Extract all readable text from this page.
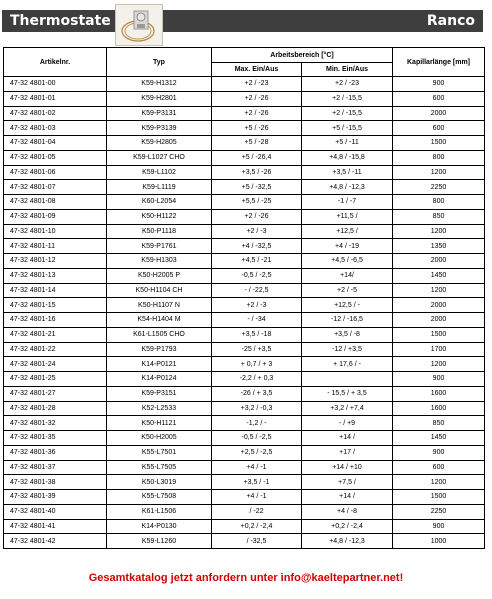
Thermostate	Ranco
Artikelnr.	Typ	Arbeitsbereich [°C]		Kapillarlänge [mm]
		Max. Ein/Aus	Min. Ein/Aus	
47-32 4801-00	K59-H1312	+2 / -23	+2 / -23	900
47-32 4801-01	K59-H2801	+2 / -26	+2 / -15,5	600
47-32 4801-02	K59-P3131	+2 / -26	+2 / -15,5	2000
47-32 4801-03	K59-P3139	+5 / -26	+5 / -15,5	600
47-32 4801-04	K59-H2805	+5 / -28	+5 / -11	1500
47-32 4801-05	K59-L1027 CHO	+5 / -26,4	+4,8 / -15,8	800
47-32 4801-06	K59-L1102	+3,5 / -26	+3,5 / -11	1200
47-32 4801-07	K59-L1119	+5 / -32,5	+4,8 / -12,3	2250
47-32 4801-08	K60-L2054	+5,5 / -25	-1 / -7	800
47-32 4801-09	K50-H1122	+2 / -26	+11,5 /	850
47-32 4801-10	K50-P1118	+2 / -3	+12,5 /	1200
47-32 4801-11	K59-P1761	+4 / -32,5	+4 / -19	1350
47-32 4801-12	K59-H1303	+4,5 / -21	+4,5 / -6,5	2000
47-32 4801-13	K50-H2005 P	-0,5 / -2,5	+14/	1450
47-32 4801-14	K50-H1104 CH	- / -22,5	+2 / -5	1200
47-32 4801-15	K50-H1107 N	+2 / -3	+12,5 / -	2000
47-32 4801-16	K54-H1404 M	- / -34	-12 / -16,5	2000
47-32 4801-21	K61-L1505 CHO	+3,5 / -18	+3,5 / -8	1500
47-32 4801-22	K59-P1793	-25 / +3,5	-12 / +3,5	1700
47-32 4801-24	K14-P0121	+ 0,7 / + 3	+ 17,6 / -	1200
47-32 4801-25	K14-P0124	-2,2 / + 0,3		900
47-32 4801-27	K59-P3151	-26 / + 3,5	- 15,5 / + 3,5	1600
47-32 4801-28	K52-L2533	+3,2 / -0,3	+3,2 / +7,4	1600
47-32 4801-32	K50-H1121	-1,2 / -	- / +9	850
47-32 4801-35	K50-H2005	-0,5 / -2,5	+14 /	1450
47-32 4801-36	K55-L7501	+2,5 / -2,5	+17 /	900
47-32 4801-37	K55-L7505	+4 / -1	+14 / +10	600
47-32 4801-38	K50-L3019	+3,5 / -1	+7,5 /	1200
47-32 4801-39	K55-L7508	+4 / -1	+14 /	1500
47-32 4801-40	K61-L1506	/ -22	+4 / -8	2250
47-32 4801-41	K14-P0130	+0,2 / -2,4	+0,2 / -2,4	900
47-32 4801-42	K59-L1260	/ -32,5	+4,8 / -12,3	1000
Gesamtkatalog jetzt anfordern unter info@kaeltepartner.net!
